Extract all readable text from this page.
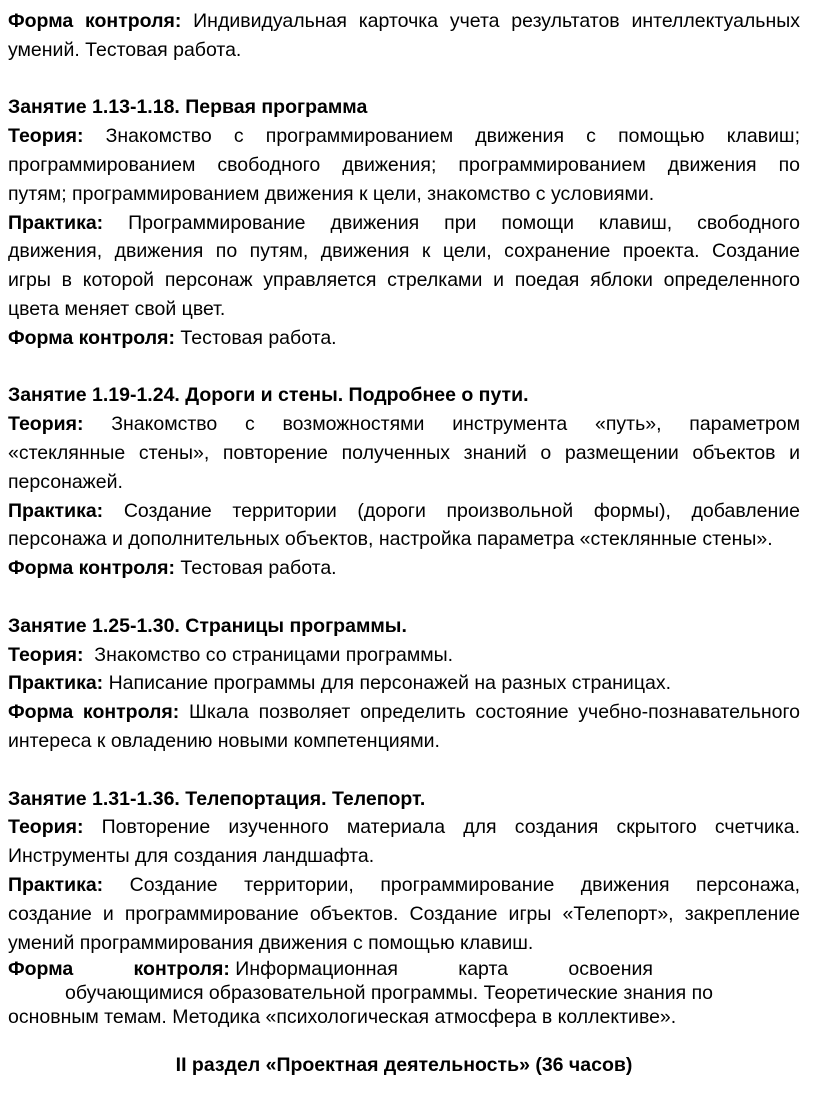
Форма контроля: Индивидуальная карточка учета результатов интеллектуальных
умений. Тестовая работа.
Занятие 1.13-1.18. Первая программа
Теория: Знакомство с программированием движения с помощью клавиш;
программированием свободного движения; программированием движения по
путям; программированием движения к цели, знакомство с условиями.
Практика: Программирование движения при помощи клавиш, свободного
движения, движения по путям, движения к цели, сохранение проекта. Создание
игры в которой персонаж управляется стрелками и поедая яблоки определенного
цвета меняет свой цвет.
Форма контроля: Тестовая работа.
Занятие 1.19-1.24. Дороги и стены. Подробнее о пути.
Теория: Знакомство с возможностями инструмента «путь», параметром
«стеклянные стены», повторение полученных знаний о размещении объектов и
персонажей.
Практика: Создание территории (дороги произвольной формы), добавление
персонажа и дополнительных объектов, настройка параметра «стеклянные стены».
Форма контроля: Тестовая работа.
Занятие 1.25-1.30. Страницы программы.
Теория:  Знакомство со страницами программы.
Практика: Написание программы для персонажей на разных страницах.
Форма контроля: Шкала позволяет определить состояние учебно-познавательного
интереса к овладению новыми компетенциями.
Занятие 1.31-1.36. Телепортация. Телепорт.
Теория: Повторение изученного материала для создания скрытого счетчика.
Инструменты для создания ландшафта.
Практика: Создание территории, программирование движения персонажа,
создание и программирование объектов. Создание игры «Телепорт», закрепление
умений программирования движения с помощью клавиш.
Форма	контроля: Информационная	карта	освоения
обучающимися образовательной программы. Теоретические знания по
основным темам. Методика «психологическая атмосфера в коллективе».
II раздел «Проектная деятельность» (36 часов)
